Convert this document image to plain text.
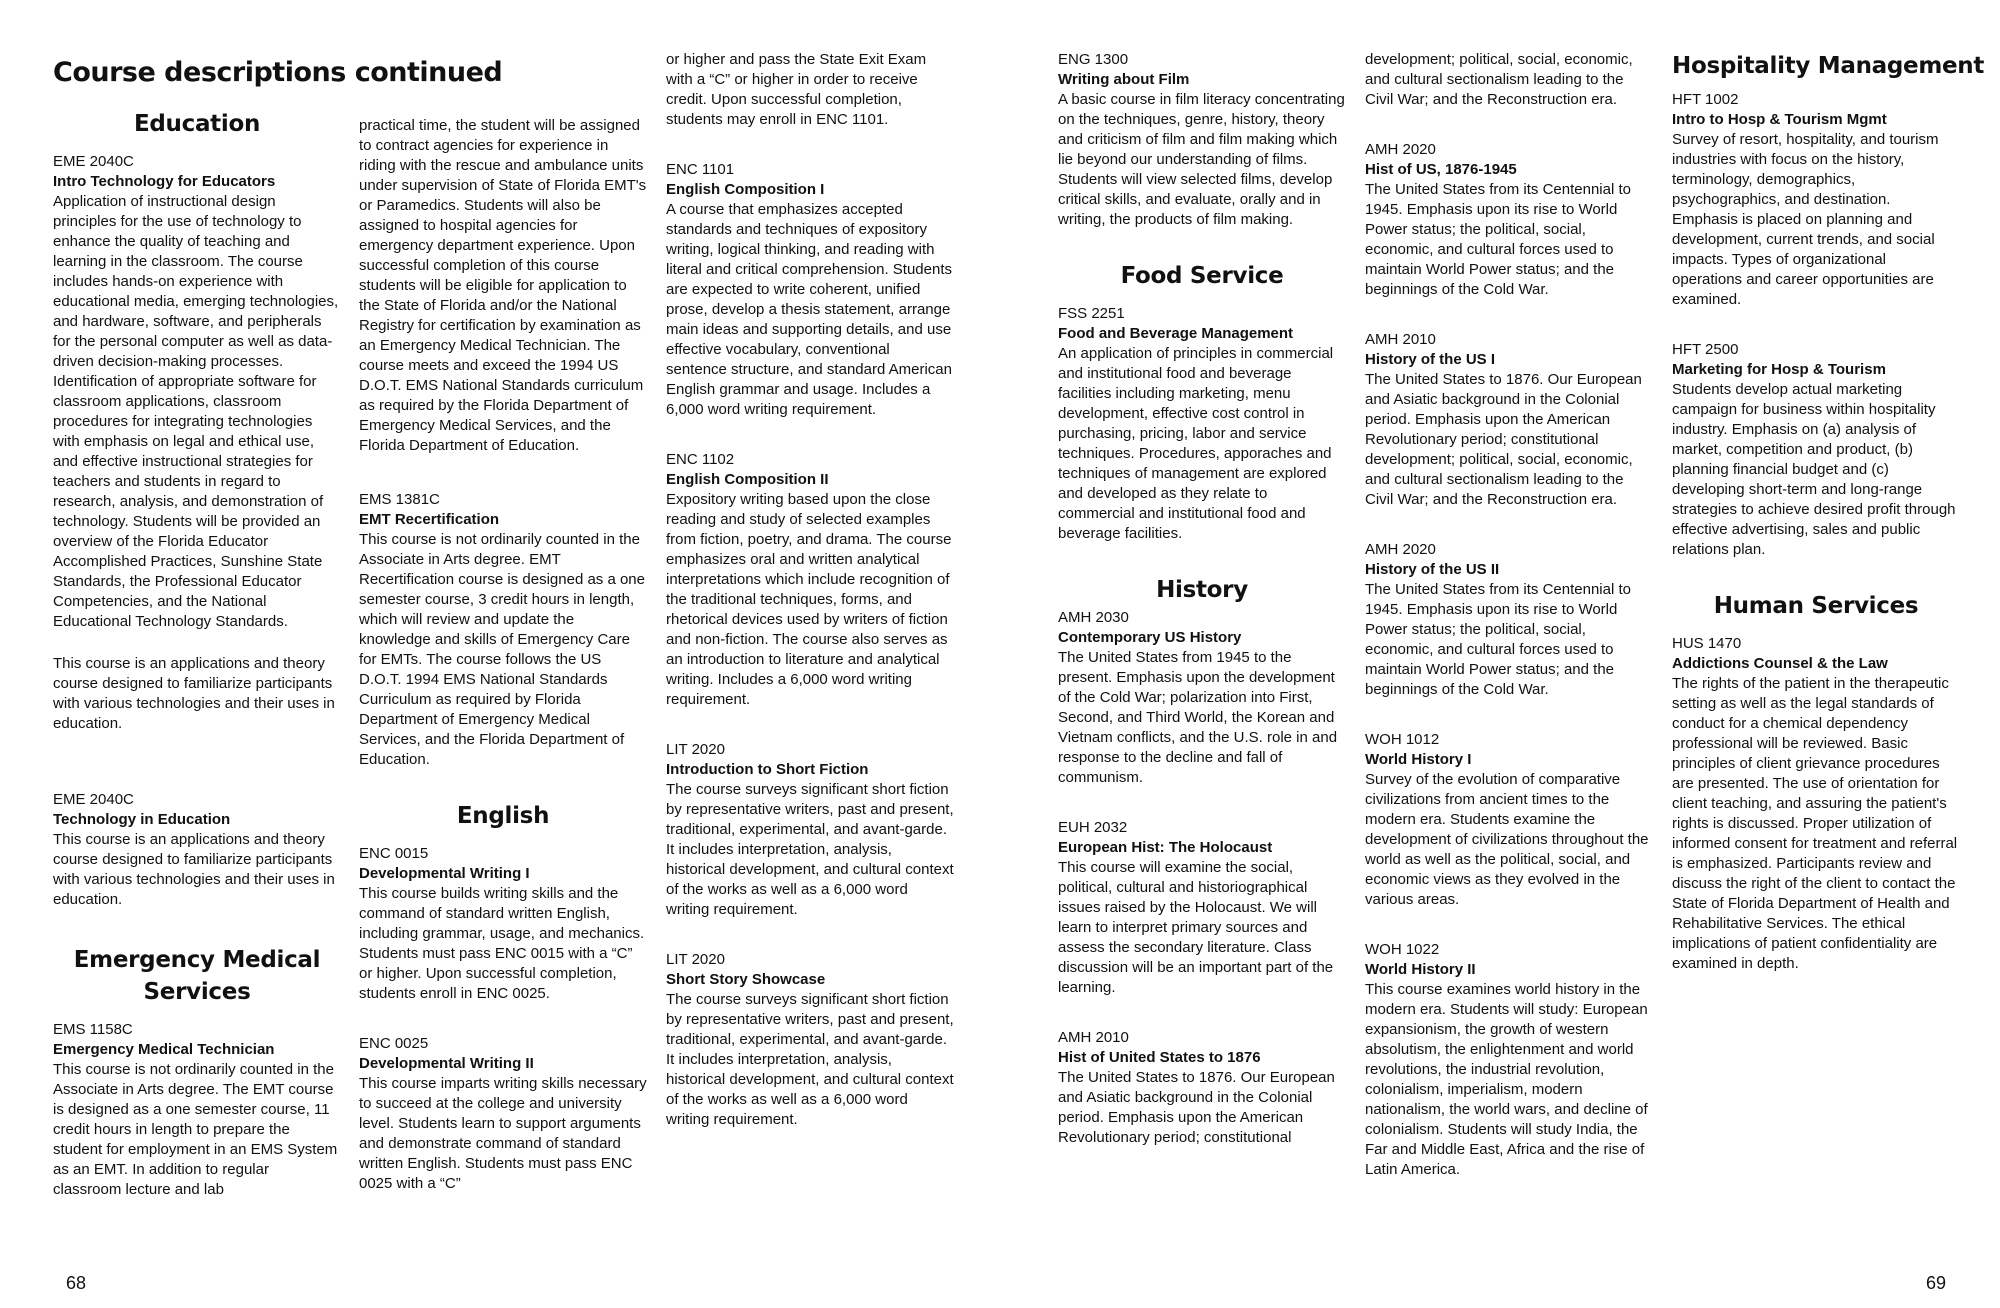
Course descriptions continued
Education
EME 2040C
Intro Technology for Educators
Application of instructional design principles for the use of technology to enhance the quality of teaching and learning in the classroom. The course includes hands-on experience with educational media, emerging technologies, and hardware, software, and peripherals for the personal computer as well as data-driven decision-making processes. Identification of appropriate software for classroom applications, classroom procedures for integrating technologies with emphasis on legal and ethical use, and effective instructional strategies for teachers and students in regard to research, analysis, and demonstration of technology. Students will be provided an overview of the Florida Educator Accomplished Practices, Sunshine State Standards, the Professional Educator Competencies, and the National Educational Technology Standards.
This course is an applications and theory course designed to familiarize participants with various technologies and their uses in education.
EME 2040C
Technology in Education
This course is an applications and theory course designed to familiarize participants with various technologies and their uses in education.
Emergency Medical
Services
EMS 1158C
Emergency Medical Technician
This course is not ordinarily counted in the Associate in Arts degree. The EMT course is designed as a one semester course, 11 credit hours in length to prepare the student for employment in an EMS System as an EMT. In addition to regular classroom lecture and lab
practical time, the student will be assigned to contract agencies for experience in riding with the rescue and ambulance units under supervision of State of Florida EMT's or Paramedics. Students will also be assigned to hospital agencies for emergency department experience. Upon successful completion of this course students will be eligible for application to the State of Florida and/or the National Registry for certification by examination as an Emergency Medical Technician. The course meets and exceed the 1994 US D.O.T. EMS National Standards curriculum as required by the Florida Department of Emergency Medical Services, and the Florida Department of Education.
EMS 1381C
EMT Recertification
This course is not ordinarily counted in the Associate in Arts degree. EMT Recertification course is designed as a one semester course, 3 credit hours in length, which will review and update the knowledge and skills of Emergency Care for EMTs. The course follows the US D.O.T. 1994 EMS National Standards Curriculum as required by Florida Department of Emergency Medical Services, and the Florida Department of Education.
English
ENC 0015
Developmental Writing I
This course builds writing skills and the command of standard written English, including grammar, usage, and mechanics. Students must pass ENC 0015 with a “C” or higher. Upon successful completion, students enroll in ENC 0025.
ENC 0025
Developmental Writing II
This course imparts writing skills necessary to succeed at the college and university level. Students learn to support arguments and demonstrate command of standard written English. Students must pass ENC 0025 with a “C”
or higher and pass the State Exit Exam with a “C” or higher in order to receive credit. Upon successful completion, students may enroll in ENC 1101.
ENC 1101
English Composition I
A course that emphasizes accepted standards and techniques of expository writing, logical thinking, and reading with literal and critical comprehension. Students are expected to write coherent, unified prose, develop a thesis statement, arrange main ideas and supporting details, and use effective vocabulary, conventional sentence structure, and standard American English grammar and usage. Includes a 6,000 word writing requirement.
ENC 1102
English Composition II
Expository writing based upon the close reading and study of selected examples from fiction, poetry, and drama. The course emphasizes oral and written analytical interpretations which include recognition of the traditional techniques, forms, and rhetorical devices used by writers of fiction and non-fiction. The course also serves as an introduction to literature and analytical writing. Includes a 6,000 word writing requirement.
LIT 2020
Introduction to Short Fiction
The course surveys significant short fiction by representative writers, past and present, traditional, experimental, and avant-garde. It includes interpretation, analysis, historical development, and cultural context of the works as well as a 6,000 word writing requirement.
LIT 2020
Short Story Showcase
The course surveys significant short fiction by representative writers, past and present, traditional, experimental, and avant-garde. It includes interpretation, analysis, historical development, and cultural context of the works as well as a 6,000 word writing requirement.
ENG 1300
Writing about Film
A basic course in film literacy concentrating on the techniques, genre, history, theory and criticism of film and film making which lie beyond our understanding of films. Students will view selected films, develop critical skills, and evaluate, orally and in writing, the products of film making.
Food Service
FSS 2251
Food and Beverage Management
An application of principles in commercial and institutional food and beverage facilities including marketing, menu development, effective cost control in purchasing, pricing, labor and service techniques. Procedures, apporaches and techniques of management are explored and developed as they relate to commercial and institutional food and beverage facilities.
History
AMH 2030
Contemporary US History
The United States from 1945 to the present. Emphasis upon the development of the Cold War; polarization into First, Second, and Third World, the Korean and Vietnam conflicts, and the U.S. role in and response to the decline and fall of communism.
EUH 2032
European Hist: The Holocaust
This course will examine the social, political, cultural and historiographical issues raised by the Holocaust. We will learn to interpret primary sources and assess the secondary literature. Class discussion will be an important part of the learning.
AMH 2010
Hist of United States to 1876
The United States to 1876. Our European and Asiatic background in the Colonial period. Emphasis upon the American Revolutionary period; constitutional
development; political, social, economic, and cultural sectionalism leading to the Civil War; and the Reconstruction era.
AMH 2020
Hist of US, 1876-1945
The United States from its Centennial to 1945. Emphasis upon its rise to World Power status; the political, social, economic, and cultural forces used to maintain World Power status; and the beginnings of the Cold War.
AMH 2010
History of the US I
The United States to 1876. Our European and Asiatic background in the Colonial period. Emphasis upon the American Revolutionary period; constitutional development; political, social, economic, and cultural sectionalism leading to the Civil War; and the Reconstruction era.
AMH 2020
History of the US II
The United States from its Centennial to 1945. Emphasis upon its rise to World Power status; the political, social, economic, and cultural forces used to maintain World Power status; and the beginnings of the Cold War.
WOH 1012
World History I
Survey of the evolution of comparative civilizations from ancient times to the modern era. Students examine the development of civilizations throughout the world as well as the political, social, and economic views as they evolved in the various areas.
WOH 1022
World History II
This course examines world history in the modern era. Students will study: European expansionism, the growth of western absolutism, the enlightenment and world revolutions, the industrial revolution, colonialism, imperialism, modern nationalism, the world wars, and decline of colonialism. Students will study India, the Far and Middle East, Africa and the rise of Latin America.
Hospitality Management
HFT 1002
Intro to Hosp & Tourism Mgmt
Survey of resort, hospitality, and tourism industries with focus on the history, terminology, demographics, psychographics, and destination. Emphasis is placed on planning and development, current trends, and social impacts. Types of organizational operations and career opportunities are examined.
HFT 2500
Marketing for Hosp & Tourism
Students develop actual marketing campaign for business within hospitality industry. Emphasis on (a) analysis of market, competition and product, (b) planning financial budget and (c) developing short-term and long-range strategies to achieve desired profit through effective advertising, sales and public relations plan.
Human Services
HUS 1470
Addictions Counsel & the Law
The rights of the patient in the therapeutic setting as well as the legal standards of conduct for a chemical dependency professional will be reviewed. Basic principles of client grievance procedures are presented. The use of orientation for client teaching, and assuring the patient's rights is discussed. Proper utilization of informed consent for treatment and referral is emphasized. Participants review and discuss the right of the client to contact the State of Florida Department of Health and Rehabilitative Services. The ethical implications of patient confidentiality are examined in depth.
68	69
